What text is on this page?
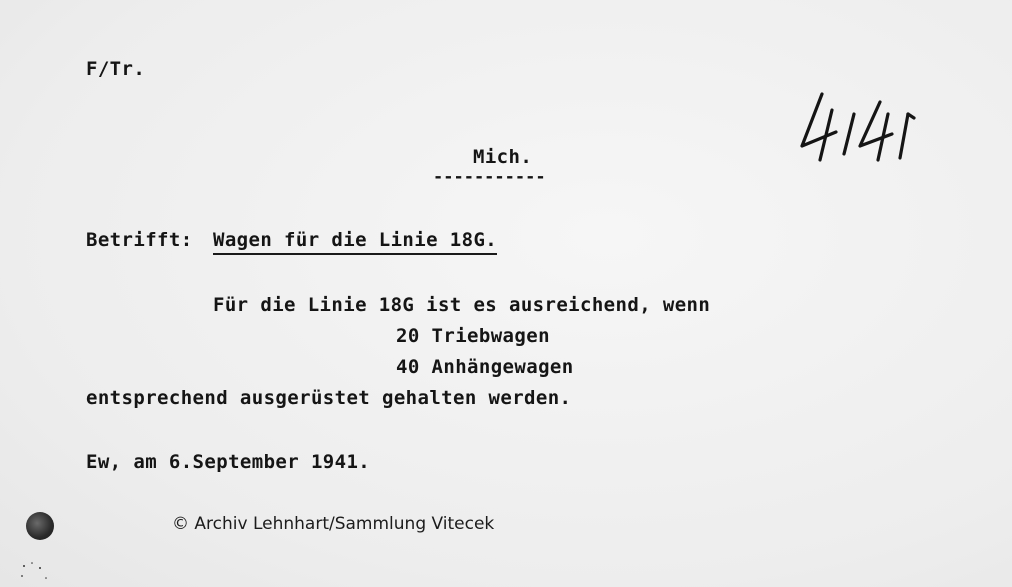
F/Tr.
Mich.
-----------
Betrifft: Wagen für die Linie 18G.
Für die Linie 18G ist es ausreichend, wenn
20 Triebwagen
40 Anhängewagen
entsprechend ausgerüstet gehalten werden.
Ew, am 6.September 1941.
© Archiv Lehnhart/Sammlung Vitecek
